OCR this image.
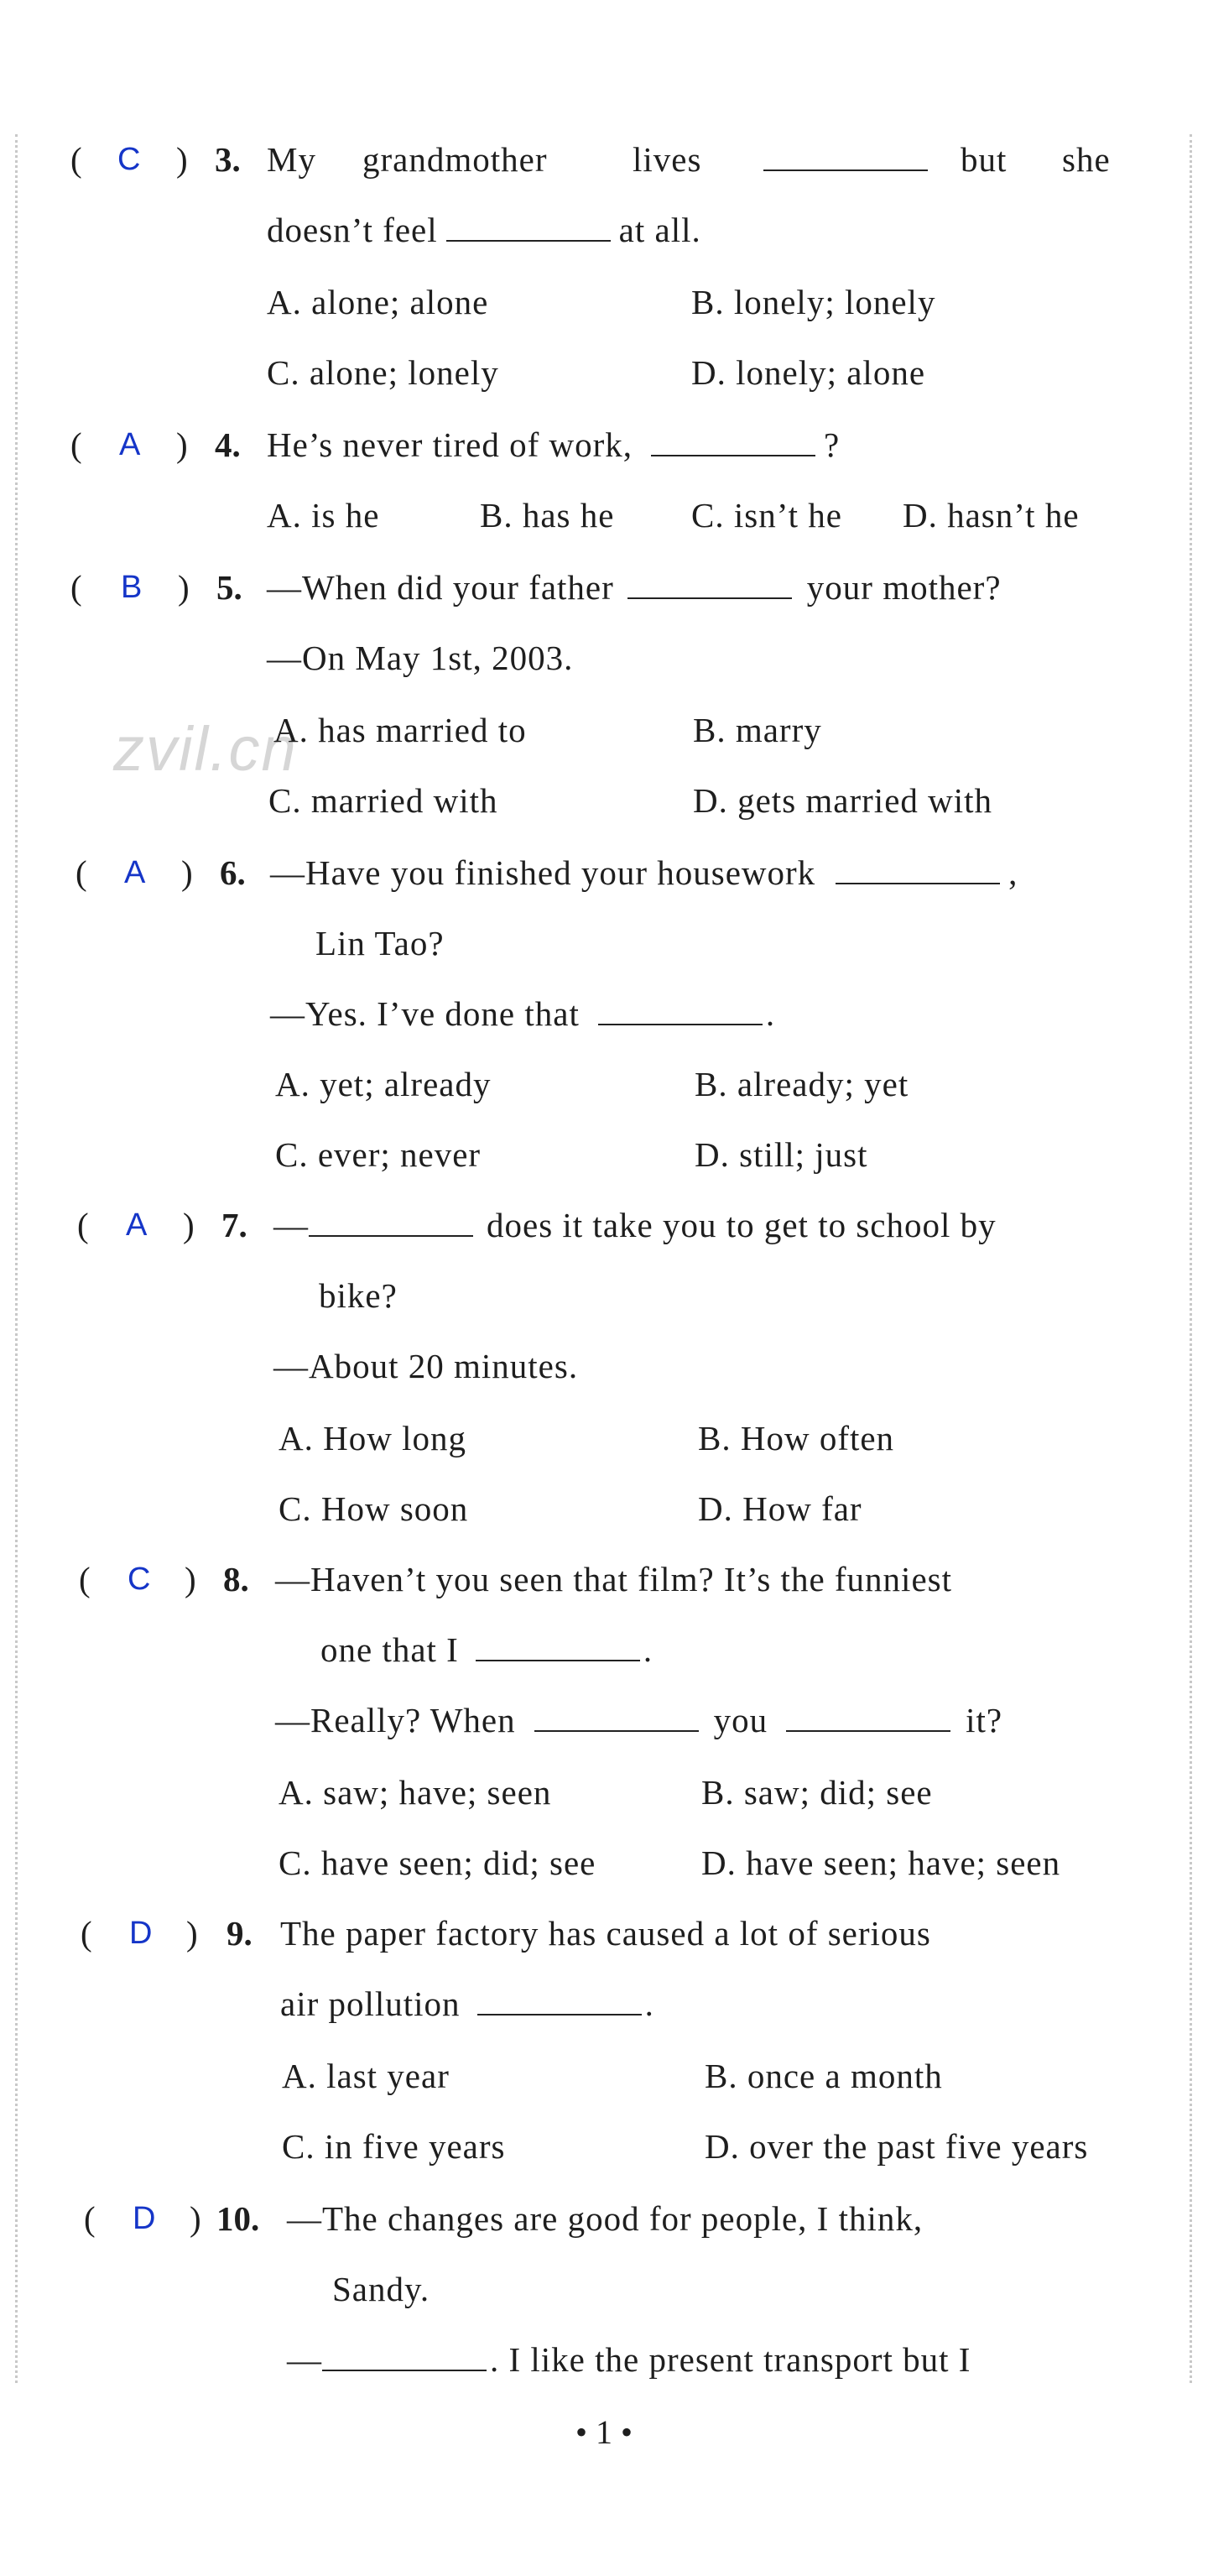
zvil.cn
( C ) 3. My grandmother lives	but she
doesn’t feel	at all.
A. alone; alone	B. lonely; lonely
C. alone; lonely	D. lonely; alone
( A ) 4. He’s never tired of work,	?
A. is he	B. has he C. isn’t he D. hasn’t he
( B ) 5. —When did your father	your mother?
—On May 1st, 2003.
A. has married to	B. marry
C. married with	D. gets married with
( A ) 6. —Have you finished your housework	,
Lin Tao?
—Yes. I’ve done that	.
A. yet; already	B. already; yet
C. ever; never	D. still; just
( A ) 7. —	does it take you to get to school by
bike?
—About 20 minutes.
A. How long	B. How often
C. How soon	D. How far
( C ) 8. —Haven’t you seen that film? It’s the funniest
one that I	.
—Really? When	you	it?
A. saw; have; seen	B. saw; did; see
C. have seen; did; see	D. have seen; have; seen
( D ) 9. The paper factory has caused a lot of serious
air pollution	.
A. last year	B. once a month
C. in five years	D. over the past five years
( D ) 10. —The changes are good for people, I think,
Sandy.
—	. I like the present transport but I
• 1 •
